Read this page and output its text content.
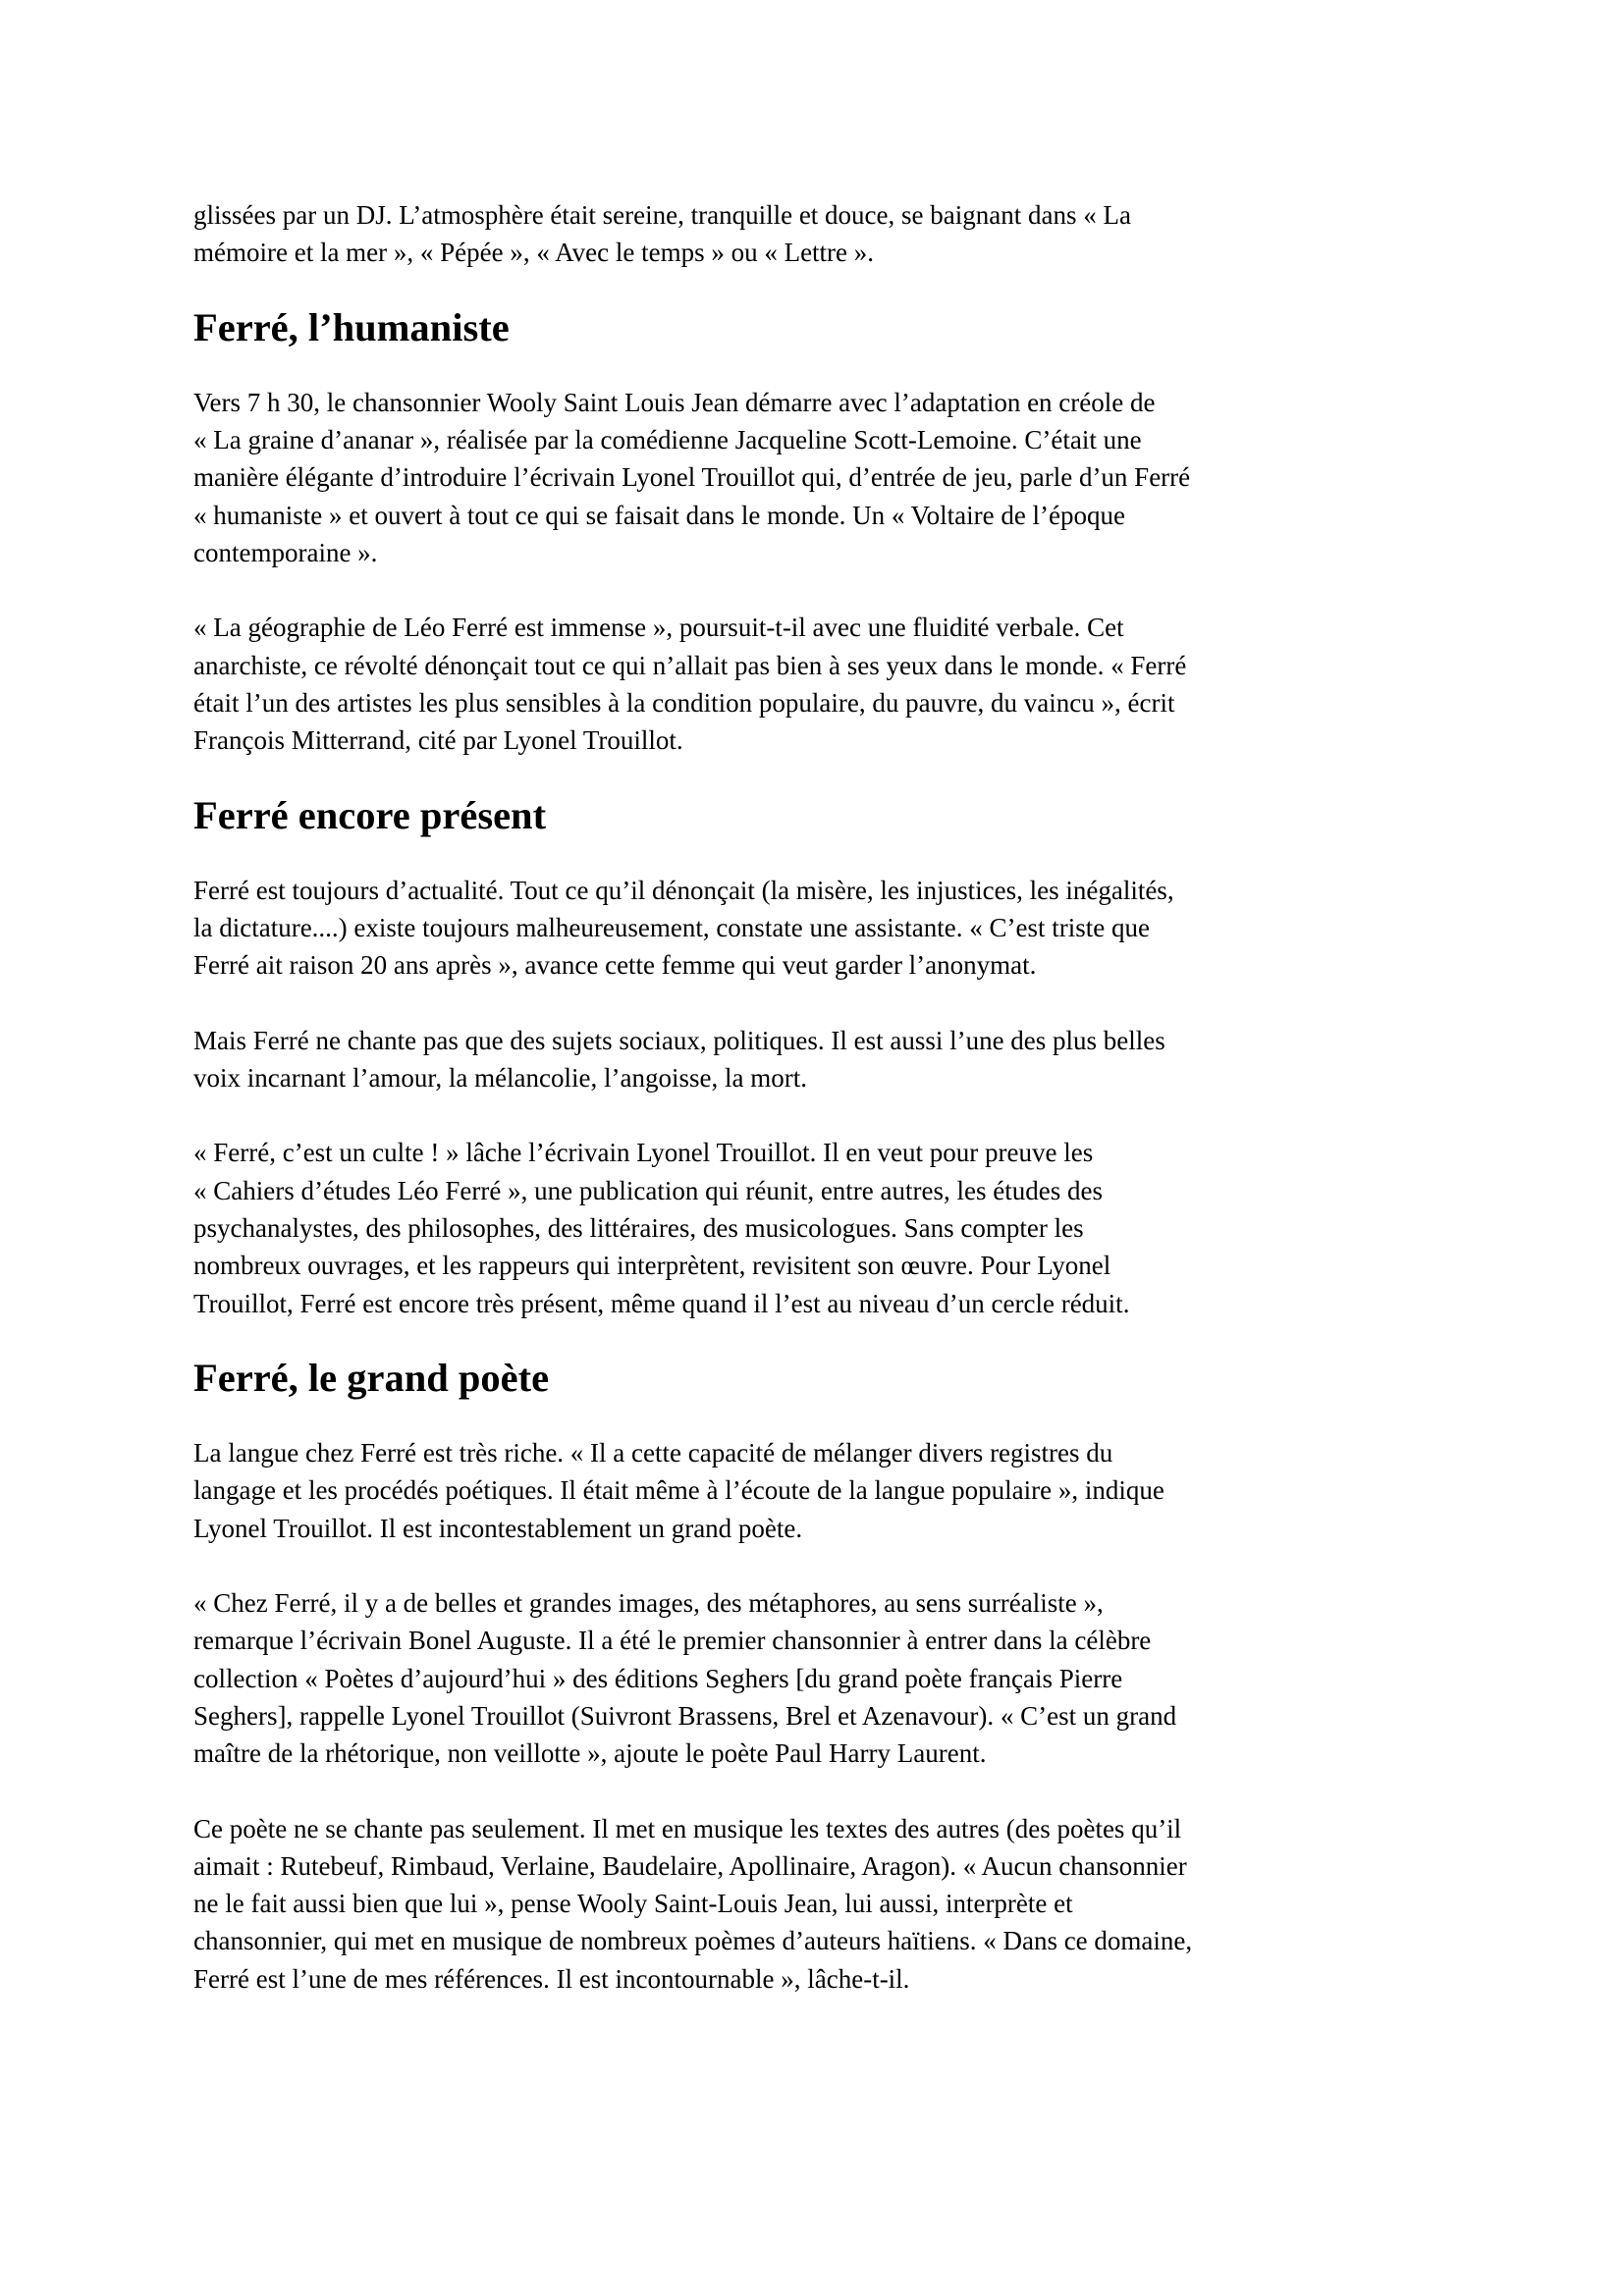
glissées par un DJ. L’atmosphère était sereine, tranquille et douce, se baignant dans « La
mémoire et la mer », « Pépée », « Avec le temps » ou « Lettre ».

Ferré, l’humaniste

Vers 7 h 30, le chansonnier Wooly Saint Louis Jean démarre avec l’adaptation en créole de
« La graine d’ananar », réalisée par la comédienne Jacqueline Scott-Lemoine. C’était une
manière élégante d’introduire l’écrivain Lyonel Trouillot qui, d’entrée de jeu, parle d’un Ferré
« humaniste » et ouvert à tout ce qui se faisait dans le monde. Un « Voltaire de l’époque
contemporaine ».

« La géographie de Léo Ferré est immense », poursuit-t-il avec une fluidité verbale. Cet
anarchiste, ce révolté dénonçait tout ce qui n’allait pas bien à ses yeux dans le monde. « Ferré
était l’un des artistes les plus sensibles à la condition populaire, du pauvre, du vaincu », écrit
François Mitterrand, cité par Lyonel Trouillot.

Ferré encore présent

Ferré est toujours d’actualité. Tout ce qu’il dénonçait (la misère, les injustices, les inégalités,
la dictature....) existe toujours malheureusement, constate une assistante. « C’est triste que
Ferré ait raison 20 ans après », avance cette femme qui veut garder l’anonymat.

Mais Ferré ne chante pas que des sujets sociaux, politiques. Il est aussi l’une des plus belles
voix incarnant l’amour, la mélancolie, l’angoisse, la mort.

« Ferré, c’est un culte ! » lâche l’écrivain Lyonel Trouillot. Il en veut pour preuve les
« Cahiers d’études Léo Ferré », une publication qui réunit, entre autres, les études des
psychanalystes, des philosophes, des littéraires, des musicologues. Sans compter les
nombreux ouvrages, et les rappeurs qui interprètent, revisitent son œuvre. Pour Lyonel
Trouillot, Ferré est encore très présent, même quand il l’est au niveau d’un cercle réduit.

Ferré, le grand poète

La langue chez Ferré est très riche. « Il a cette capacité de mélanger divers registres du
langage et les procédés poétiques. Il était même à l’écoute de la langue populaire », indique
Lyonel Trouillot. Il est incontestablement un grand poète.

« Chez Ferré, il y a de belles et grandes images, des métaphores, au sens surréaliste »,
remarque l’écrivain Bonel Auguste. Il a été le premier chansonnier à entrer dans la célèbre
collection « Poètes d’aujourd’hui » des éditions Seghers [du grand poète français Pierre
Seghers], rappelle Lyonel Trouillot (Suivront Brassens, Brel et Azenavour). « C’est un grand
maître de la rhétorique, non veillotte », ajoute le poète Paul Harry Laurent.

Ce poète ne se chante pas seulement. Il met en musique les textes des autres (des poètes qu’il
aimait : Rutebeuf, Rimbaud, Verlaine, Baudelaire, Apollinaire, Aragon). « Aucun chansonnier
ne le fait aussi bien que lui », pense Wooly Saint-Louis Jean, lui aussi, interprète et
chansonnier, qui met en musique de nombreux poèmes d’auteurs haïtiens. « Dans ce domaine,
Ferré est l’une de mes références. Il est incontournable », lâche-t-il.
